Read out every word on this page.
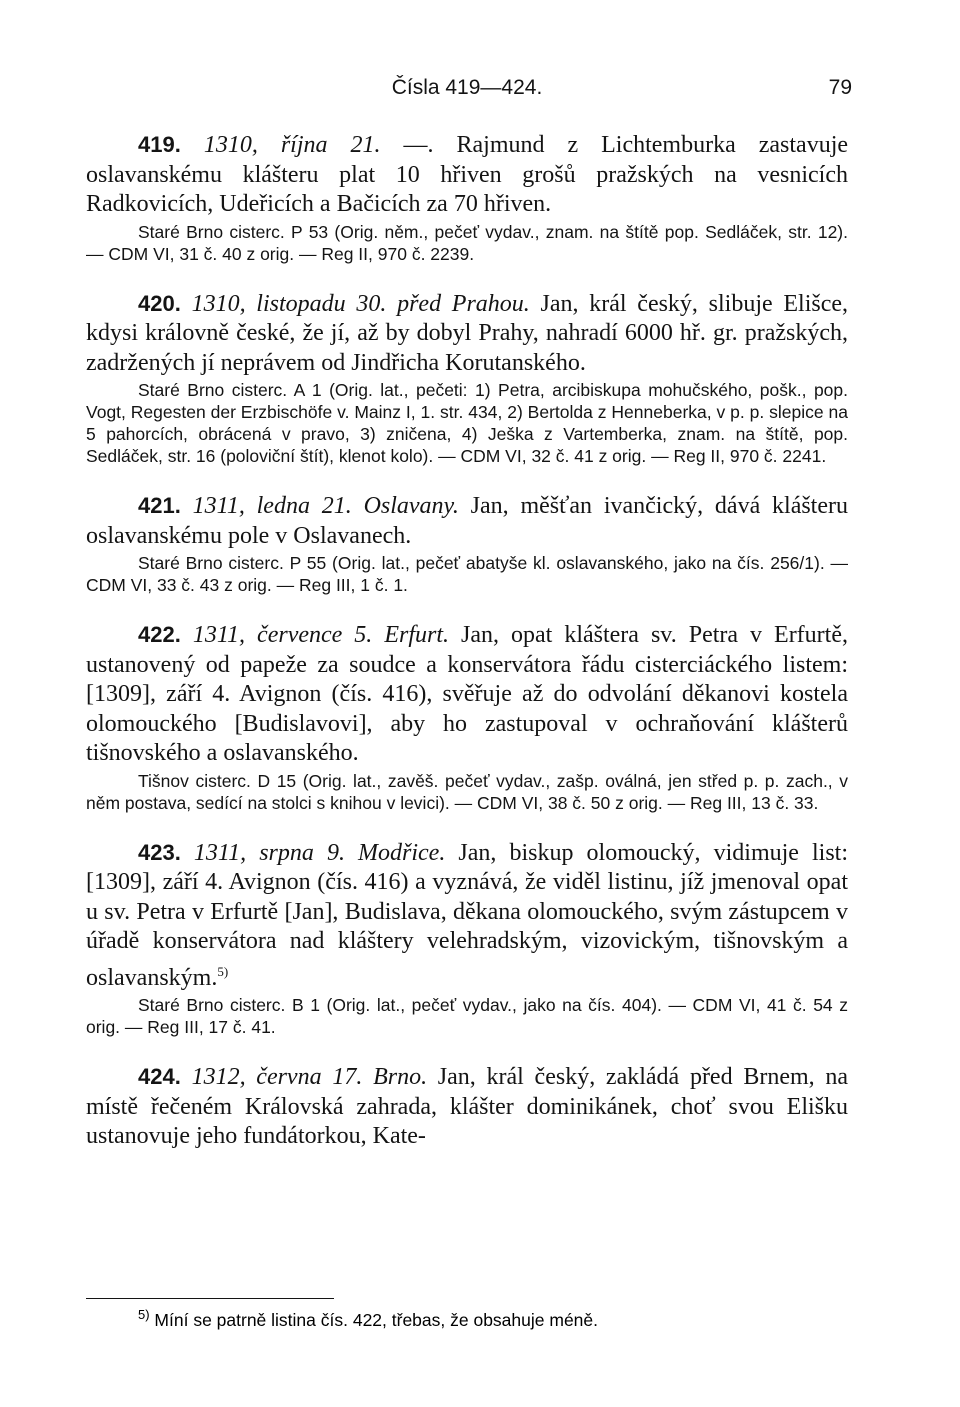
Čísla 419—424.	79

419. 1310, října 21. —. Rajmund z Lichtemburka zastavuje oslavanskému klášteru plat 10 hřiven grošů pražských na vesnicích Radkovicích, Udeřicích a Bačicích za 70 hřiven.

Staré Brno cisterc. P 53 (Orig. něm., pečeť vydav., znam. na štítě pop. Sedláček, str. 12). — CDM VI, 31 č. 40 z orig. — Reg II, 970 č. 2239.

420. 1310, listopadu 30. před Prahou. Jan, král český, slibuje Elišce, kdysi královně české, že jí, až by dobyl Prahy, nahradí 6000 hř. gr. pražských, zadržených jí neprávem od Jindřicha Korutanského.

Staré Brno cisterc. A 1 (Orig. lat., pečeti: 1) Petra, arcibiskupa mohučského, pošk., pop. Vogt, Regesten der Erzbischöfe v. Mainz I, 1. str. 434, 2) Bertolda z Henneberka, v p. p. slepice na 5 pahorcích, obrácená v pravo, 3) zničena, 4) Ješka z Vartemberka, znam. na štítě, pop. Sedláček, str. 16 (poloviční štít), klenot kolo). — CDM VI, 32 č. 41 z orig. — Reg II, 970 č. 2241.

421. 1311, ledna 21. Oslavany. Jan, měšťan ivančický, dává klášteru oslavanskému pole v Oslavanech.

Staré Brno cisterc. P 55 (Orig. lat., pečeť abatyše kl. oslavanského, jako na čís. 256/1). — CDM VI, 33 č. 43 z orig. — Reg III, 1 č. 1.

422. 1311, července 5. Erfurt. Jan, opat kláštera sv. Petra v Erfurtě, ustanovený od papeže za soudce a konservátora řádu cisterciáckého listem: [1309], září 4. Avignon (čís. 416), svěřuje až do odvolání děkanovi kostela olomouckého [Budislavovi], aby ho zastupoval v ochraňování klášterů tišnovského a oslavanského.

Tišnov cisterc. D 15 (Orig. lat., zavěš. pečeť vydav., zašp. oválná, jen střed p. p. zach., v něm postava, sedící na stolci s knihou v levici). — CDM VI, 38 č. 50 z orig. — Reg III, 13 č. 33.

423. 1311, srpna 9. Modřice. Jan, biskup olomoucký, vidimuje list: [1309], září 4. Avignon (čís. 416) a vyznává, že viděl listinu, jíž jmenoval opat u sv. Petra v Erfurtě [Jan], Budislava, děkana olomouckého, svým zástupcem v úřadě konservátora nad kláštery velehradským, vizovickým, tišnovským a oslavanským.$^{5)}$

Staré Brno cisterc. B 1 (Orig. lat., pečeť vydav., jako na čís. 404). — CDM VI, 41 č. 54 z orig. — Reg III, 17 č. 41.

424. 1312, června 17. Brno. Jan, král český, zakládá před Brnem, na místě řečeném Královská zahrada, klášter dominikánek, choť svou Elišku ustanovuje jeho fundátorkou, Kate-

$^{5)}$ Míní se patrně listina čís. 422, třebas, že obsahuje méně.
